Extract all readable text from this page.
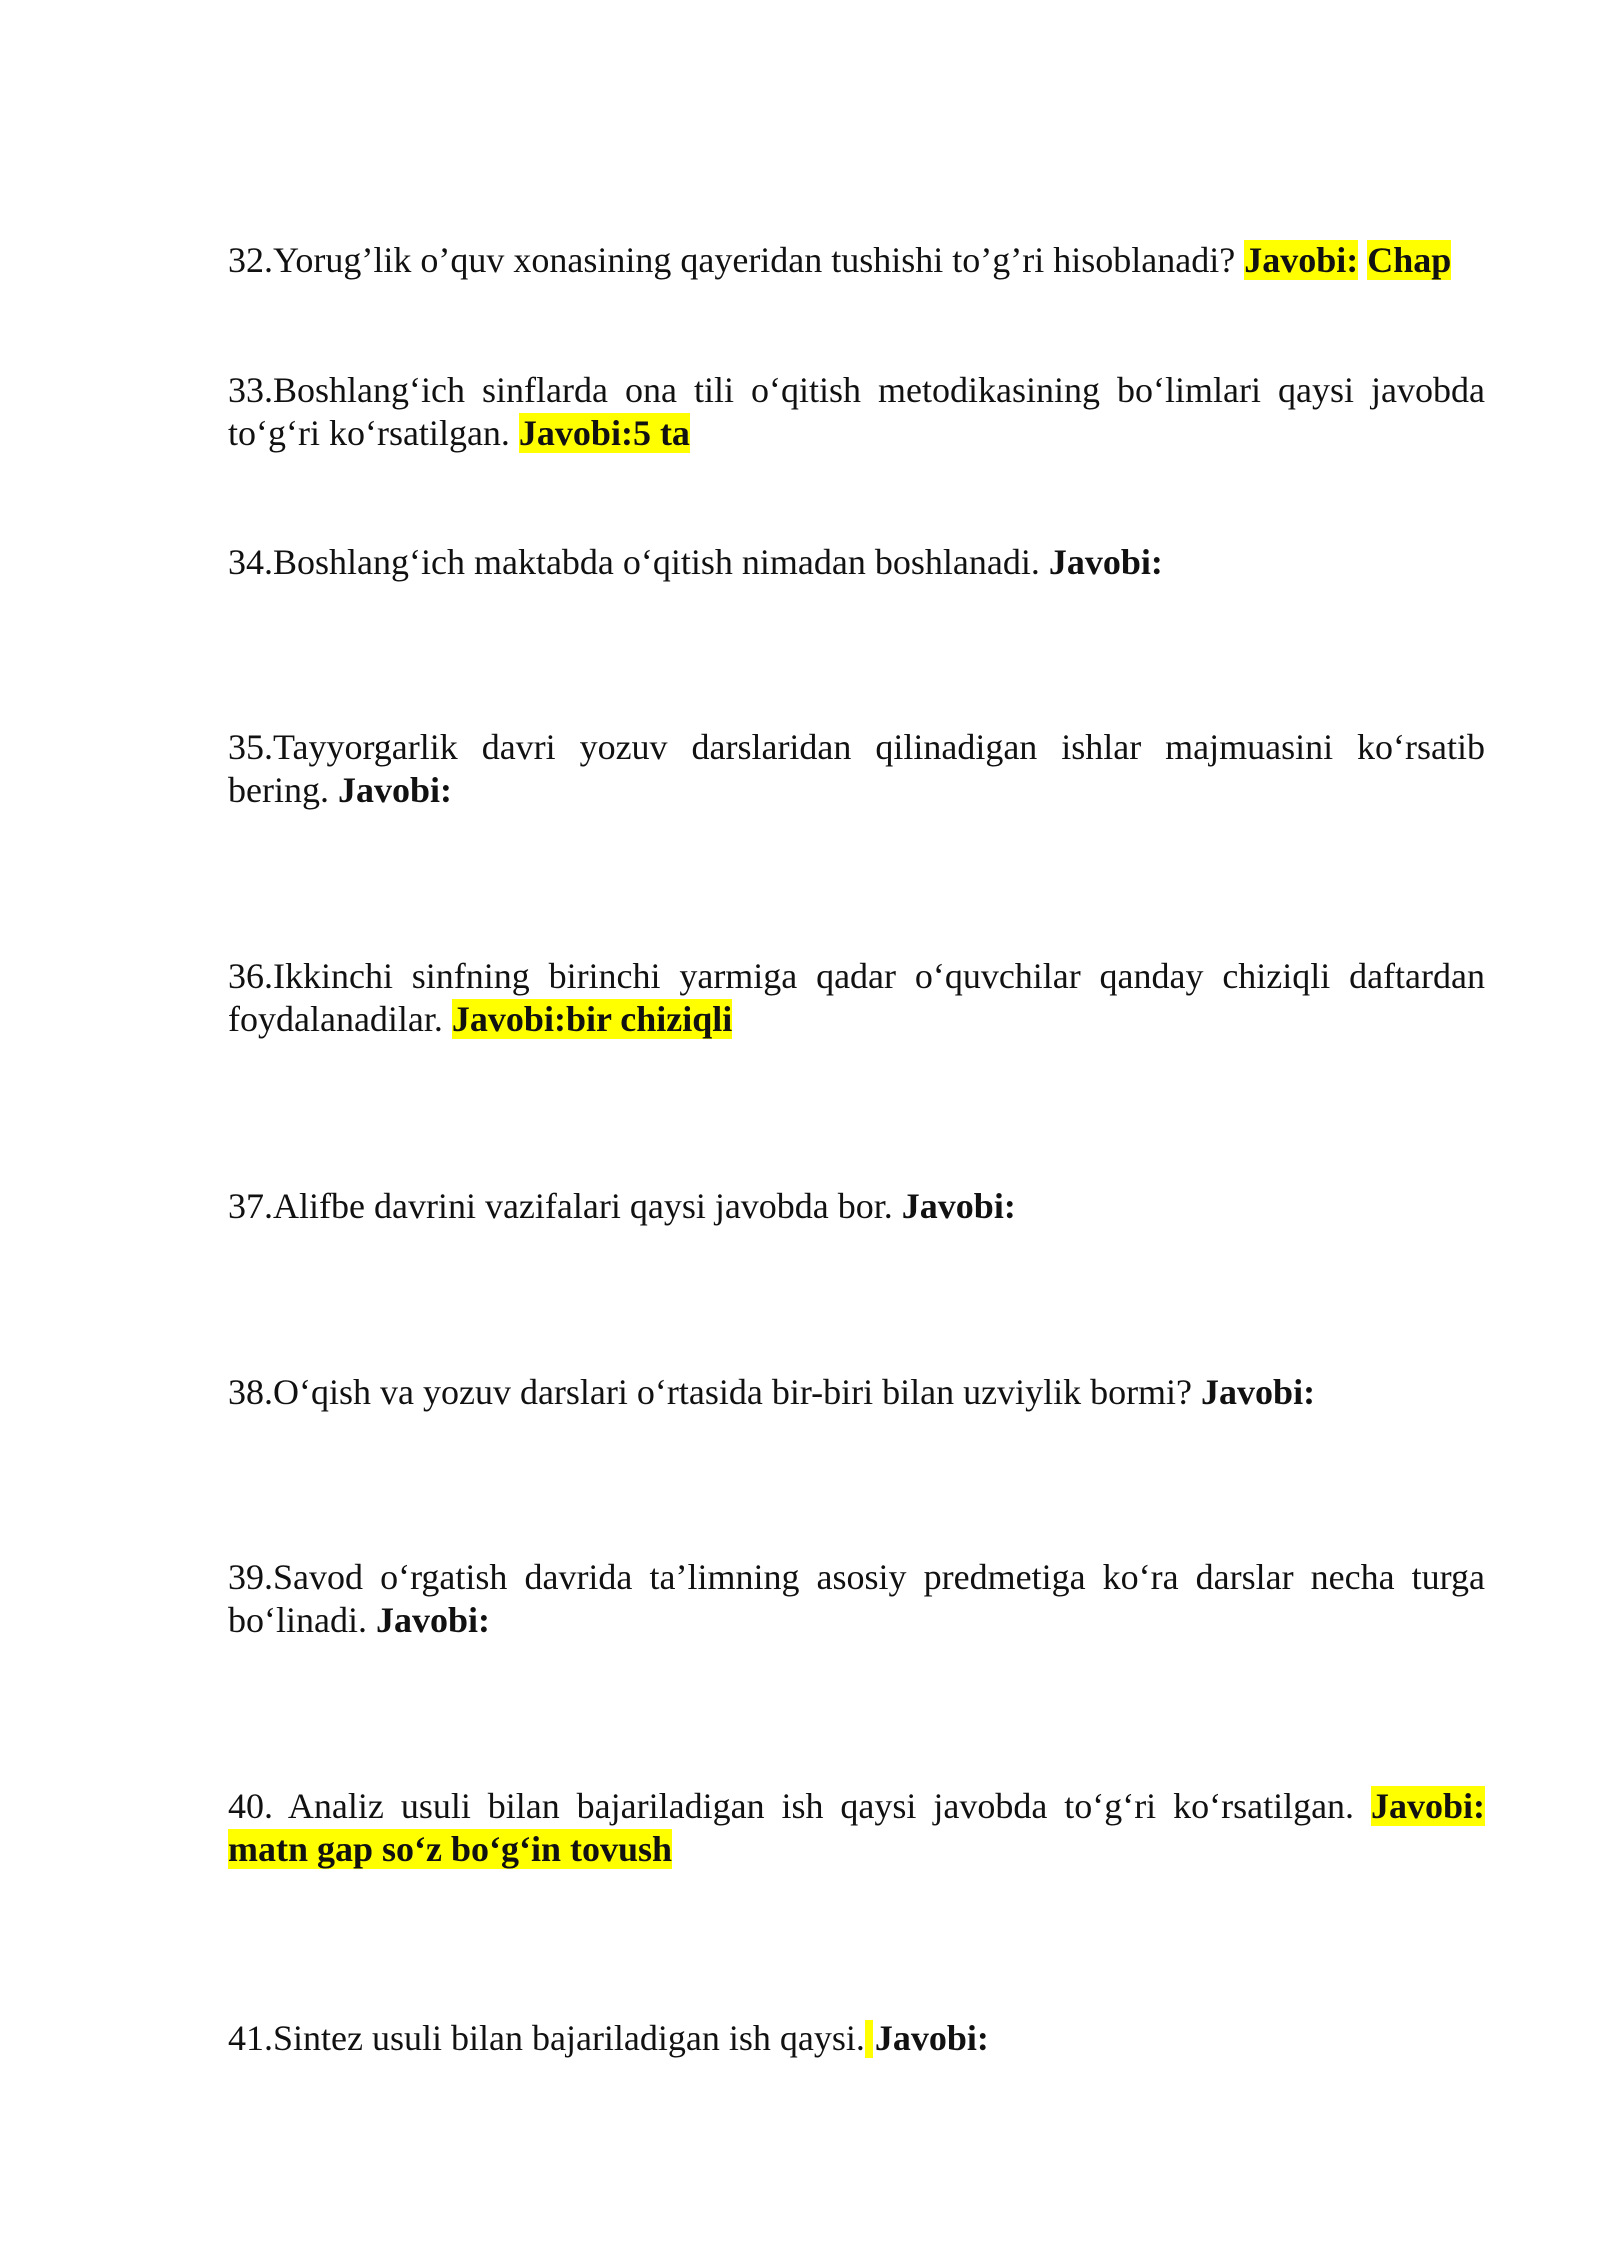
32.Yorug’lik o’quv xonasining qayeridan tushishi to’g’ri hisoblanadi? Javobi: Chap

33.Boshlang‘ich sinflarda ona tili o‘qitish metodikasining bo‘limlari qaysi javobda to‘g‘ri ko‘rsatilgan. Javobi:5 ta

34.Boshlang‘ich maktabda o‘qitish nimadan boshlanadi. Javobi:

35.Tayyorgarlik davri yozuv darslaridan qilinadigan ishlar majmuasini ko‘rsatib bering. Javobi:

36.Ikkinchi sinfning birinchi yarmiga qadar o‘quvchilar qanday chiziqli daftardan foydalanadilar. Javobi:bir chiziqli

37.Alifbe davrini vazifalari qaysi javobda bor. Javobi:

38.O‘qish va yozuv darslari o‘rtasida bir-biri bilan uzviylik bormi? Javobi:

39.Savod o‘rgatish davrida ta’limning asosiy predmetiga ko‘ra darslar necha turga bo‘linadi. Javobi:

40. Analiz usuli bilan bajariladigan ish qaysi javobda to‘g‘ri ko‘rsatilgan. Javobi: matn gap so‘z bo‘g‘in tovush

41.Sintez usuli bilan bajariladigan ish qaysi. Javobi:
